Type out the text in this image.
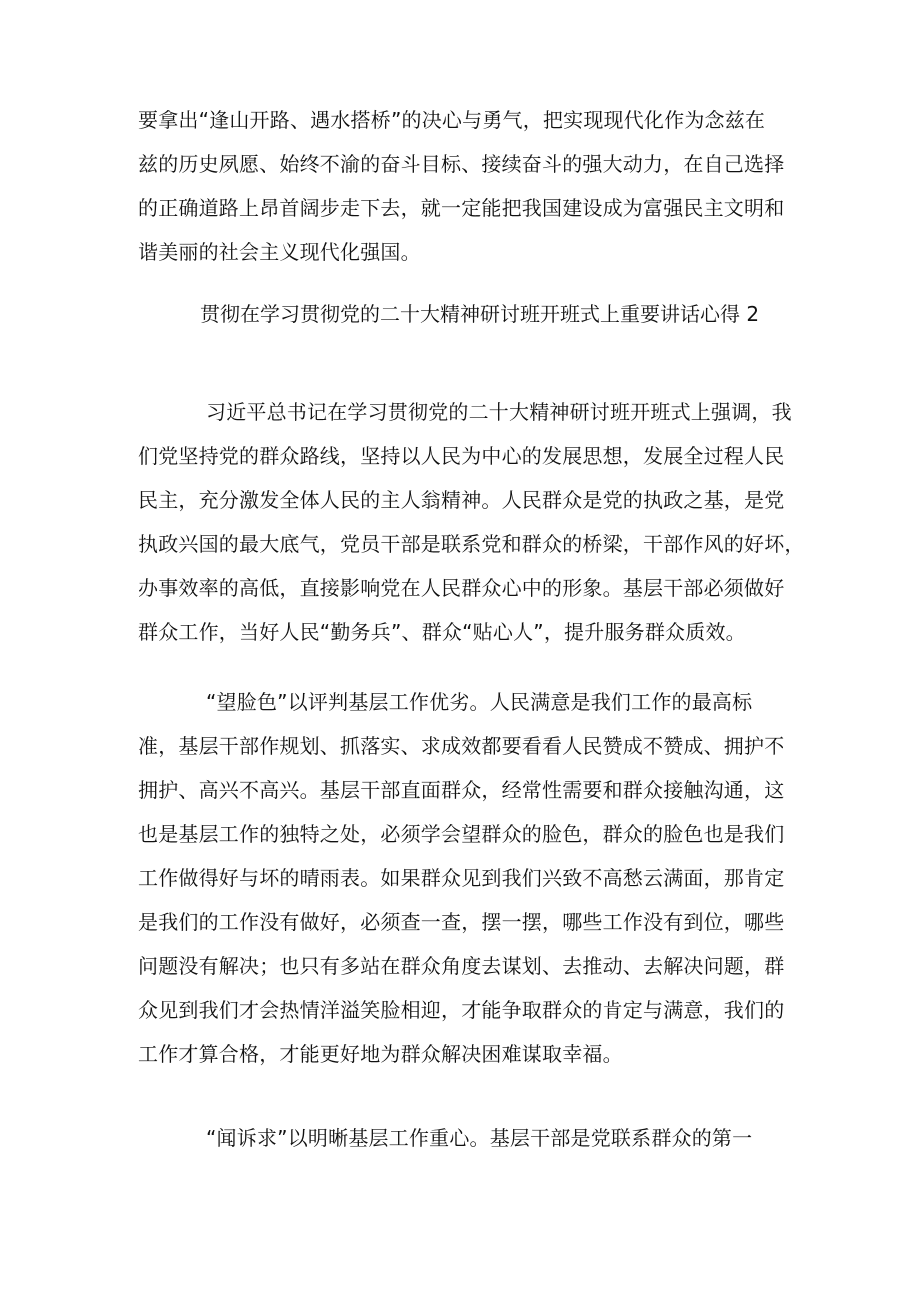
要拿出“逢山开路、遇水搭桥”的决心与勇气，把实现现代化作为念兹在
兹的历史夙愿、始终不渝的奋斗目标、接续奋斗的强大动力，在自己选择
的正确道路上昂首阔步走下去，就一定能把我国建设成为富强民主文明和
谐美丽的社会主义现代化强国。
贯彻在学习贯彻党的二十大精神研讨班开班式上重要讲话心得 2
习近平总书记在学习贯彻党的二十大精神研讨班开班式上强调，我
们党坚持党的群众路线，坚持以人民为中心的发展思想，发展全过程人民
民主，充分激发全体人民的主人翁精神。人民群众是党的执政之基，是党
执政兴国的最大底气，党员干部是联系党和群众的桥梁，干部作风的好坏，
办事效率的高低，直接影响党在人民群众心中的形象。基层干部必须做好
群众工作，当好人民“勤务兵”、群众“贴心人”，提升服务群众质效。
“望脸色”以评判基层工作优劣。人民满意是我们工作的最高标
准，基层干部作规划、抓落实、求成效都要看看人民赞成不赞成、拥护不
拥护、高兴不高兴。基层干部直面群众，经常性需要和群众接触沟通，这
也是基层工作的独特之处，必须学会望群众的脸色，群众的脸色也是我们
工作做得好与坏的晴雨表。如果群众见到我们兴致不高愁云满面，那肯定
是我们的工作没有做好，必须查一查，摆一摆，哪些工作没有到位，哪些
问题没有解决；也只有多站在群众角度去谋划、去推动、去解决问题，群
众见到我们才会热情洋溢笑脸相迎，才能争取群众的肯定与满意，我们的
工作才算合格，才能更好地为群众解决困难谋取幸福。
“闻诉求”以明晰基层工作重心。基层干部是党联系群众的第一
